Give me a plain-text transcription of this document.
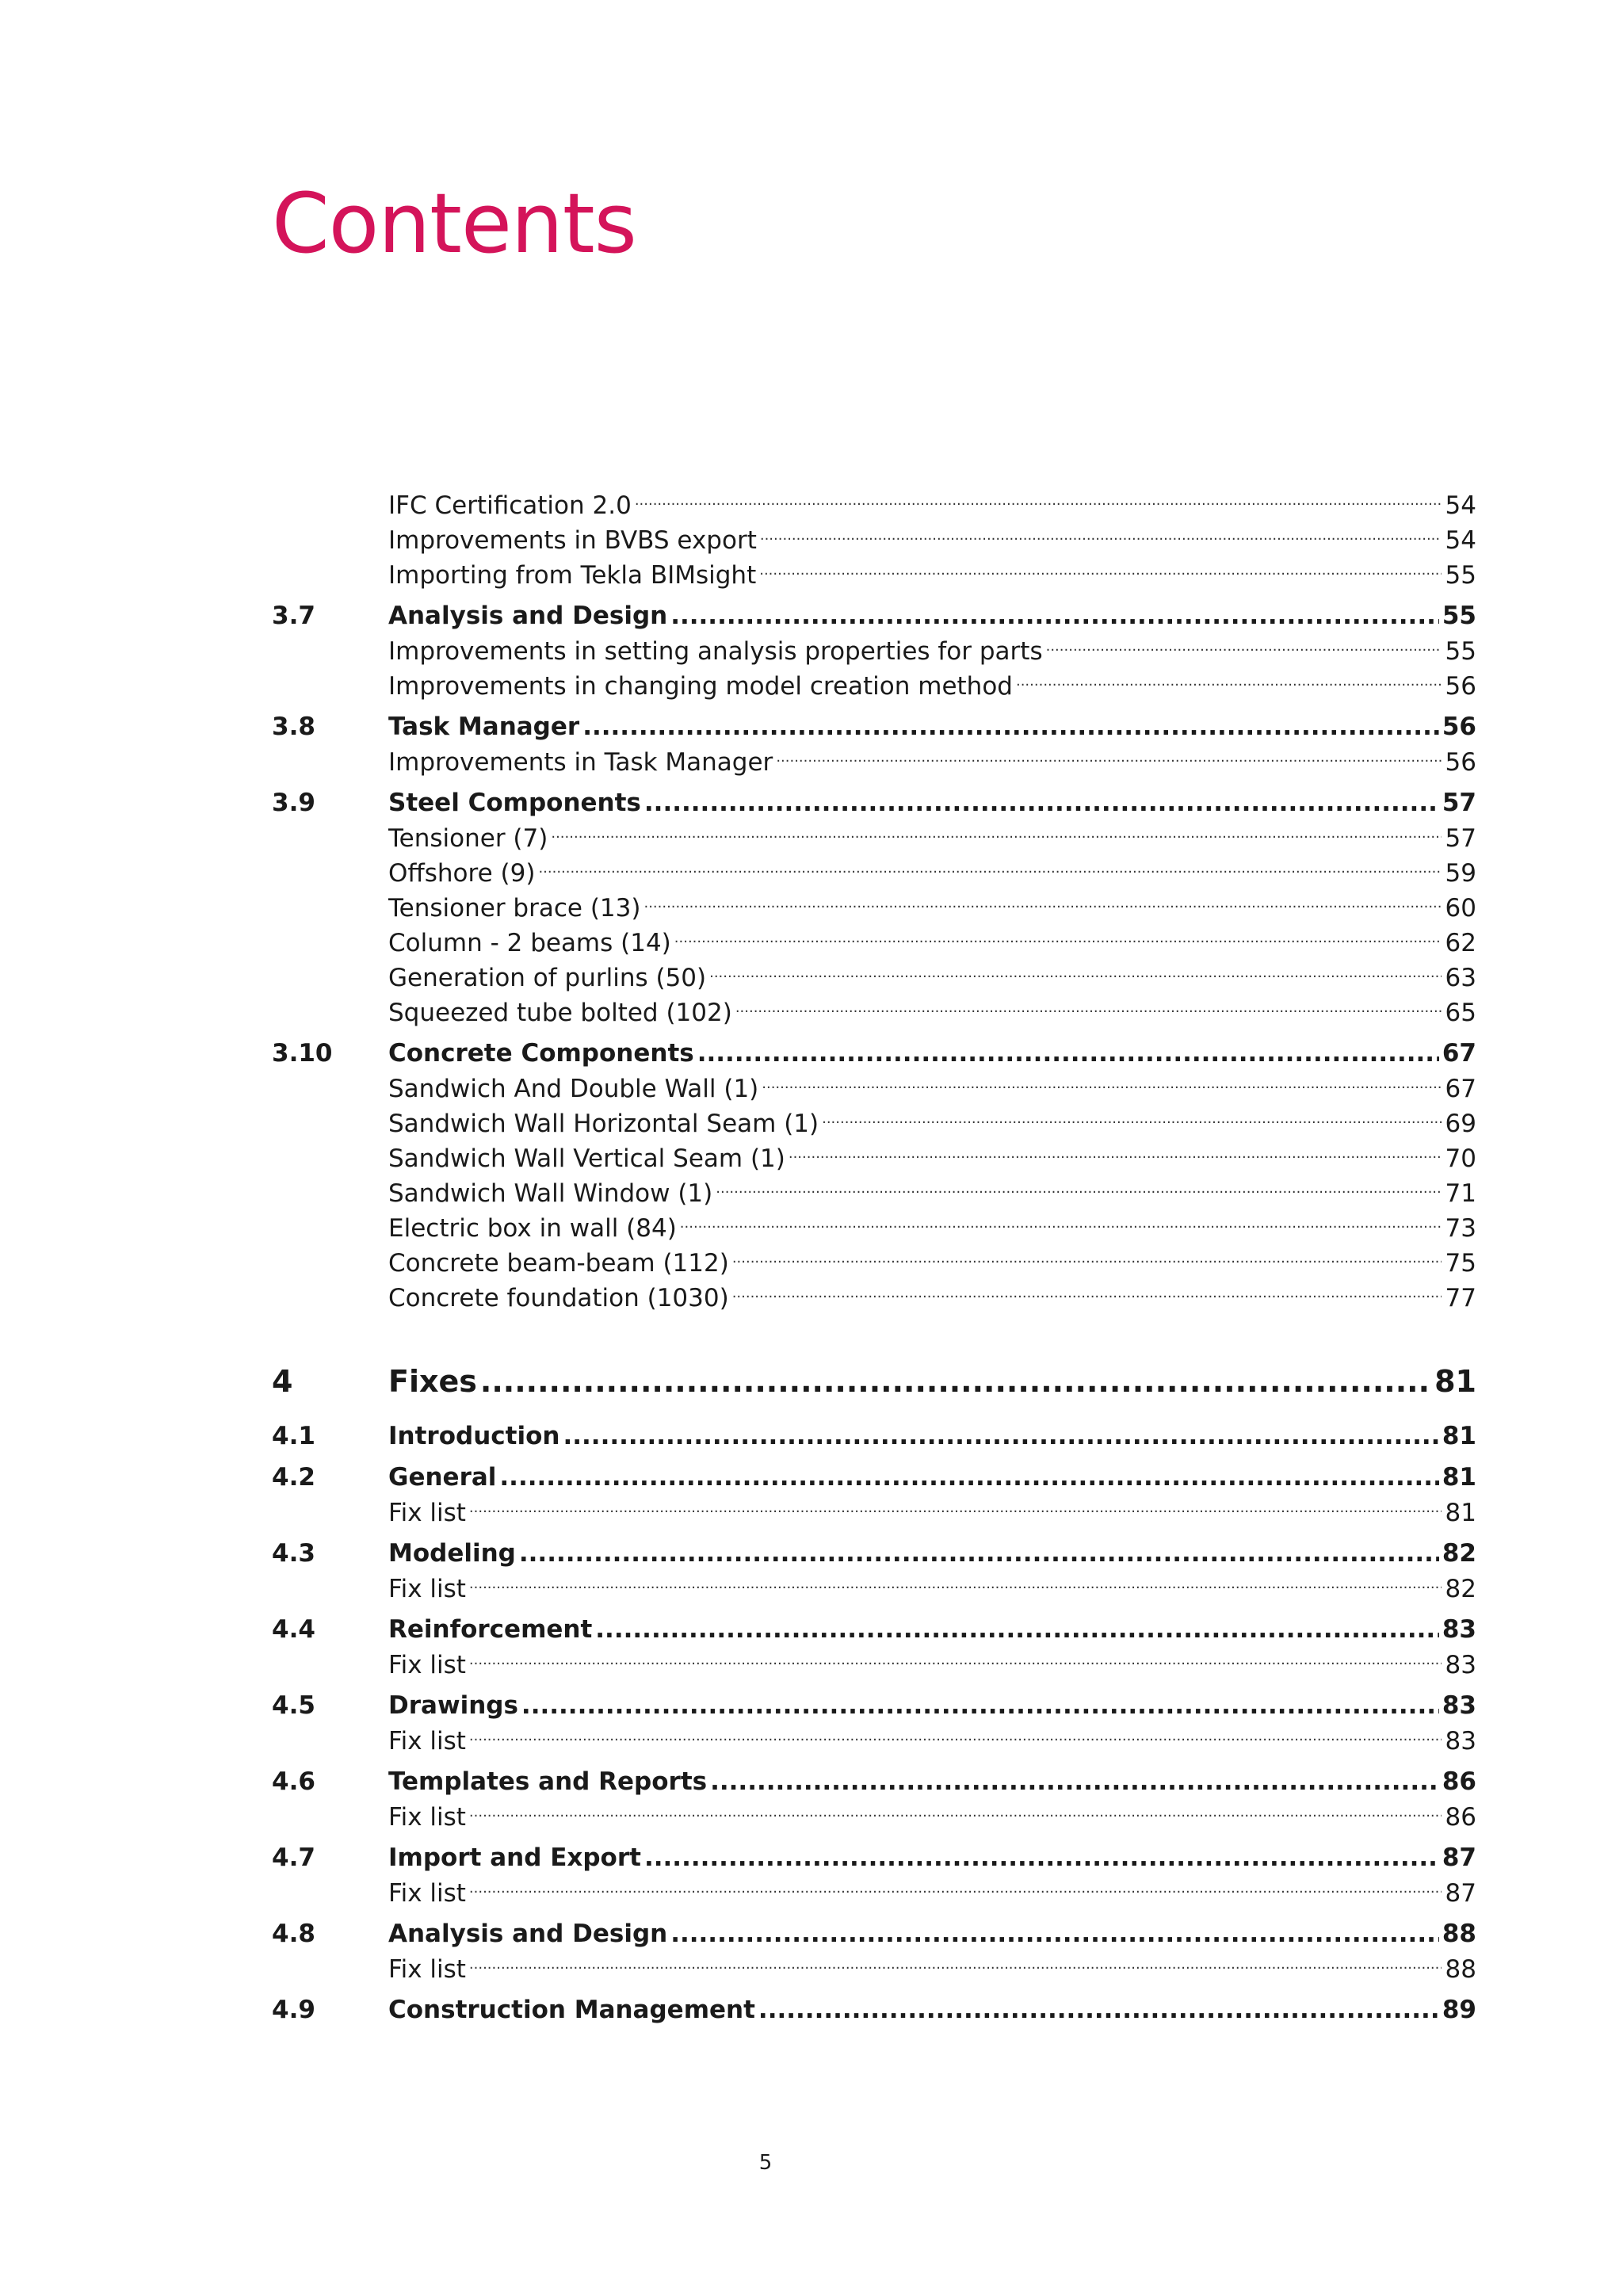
Contents
IFC Certification 2.0 .....	54
Improvements in BVBS export .....	54
Importing from Tekla BIMsight .....	55
3.7	Analysis and Design .....	55
Improvements in setting analysis properties for parts .....	55
Improvements in changing model creation method .....	56
3.8	Task Manager .....	56
Improvements in Task Manager .....	56
3.9	Steel Components .....	57
Tensioner (7) .....	57
Offshore (9) .....	59
Tensioner brace (13) .....	60
Column - 2 beams (14) .....	62
Generation of purlins (50) .....	63
Squeezed tube bolted (102) .....	65
3.10	Concrete Components .....	67
Sandwich And Double Wall (1) .....	67
Sandwich Wall Horizontal Seam (1) .....	69
Sandwich Wall Vertical Seam (1) .....	70
Sandwich Wall Window (1) .....	71
Electric box in wall (84) .....	73
Concrete beam-beam (112) .....	75
Concrete foundation (1030) .....	77
4	Fixes .....	81
4.1	Introduction .....	81
4.2	General .....	81
Fix list .....	81
4.3	Modeling .....	82
Fix list .....	82
4.4	Reinforcement .....	83
Fix list .....	83
4.5	Drawings .....	83
Fix list .....	83
4.6	Templates and Reports .....	86
Fix list .....	86
4.7	Import and Export .....	87
Fix list .....	87
4.8	Analysis and Design .....	88
Fix list .....	88
4.9	Construction Management .....	89
5
